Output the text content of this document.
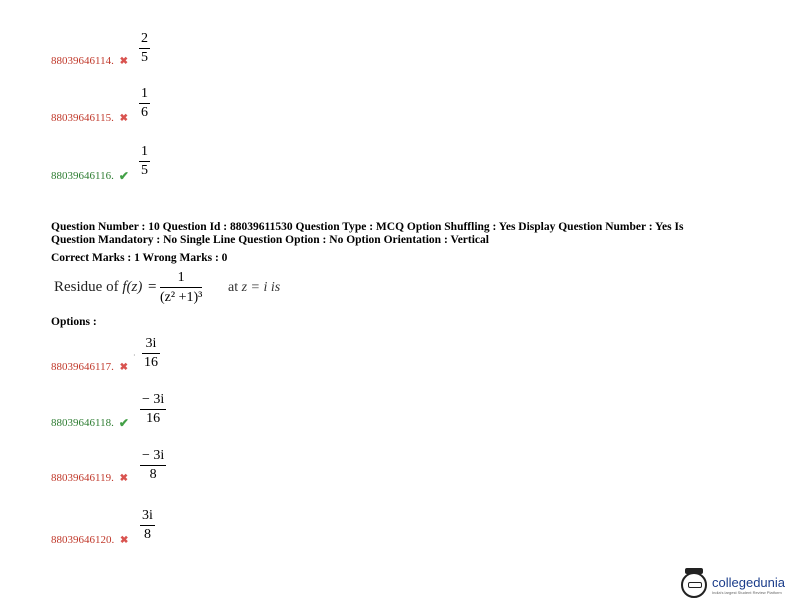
88039646114. ✖
2
5
88039646115. ✖
1
6
88039646116. ✔
1
5
Question Number : 10 Question Id : 88039611530 Question Type : MCQ Option Shuffling : Yes Display Question Number : Yes Is
Question Mandatory : No Single Line Question Option : No Option Orientation : Vertical
Correct Marks : 1 Wrong Marks : 0
Residue of f(z) =
1
(z² +1)³
at z = i is
Options :
·
88039646117. ✖
3i
16
88039646118. ✔
− 3i
16
88039646119. ✖
− 3i
8
88039646120. ✖
3i
8
collegedunia
India's largest Student Review Platform
